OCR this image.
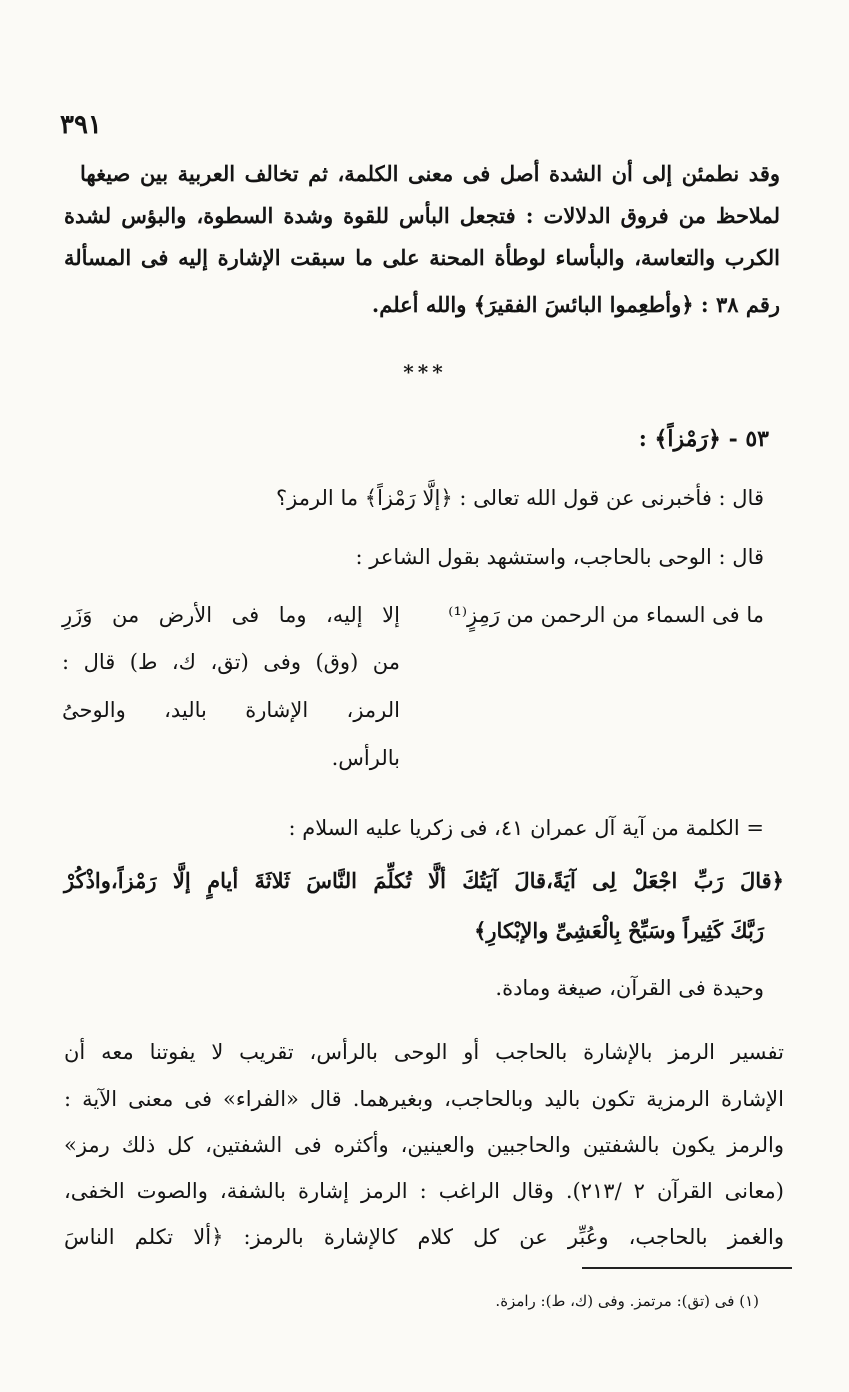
٣٩١
وقد نطمئن إلى أن الشدة أصل فى معنى الكلمة، ثم تخالف العربية بين صيغها
لملاحظ من فروق الدلالات : فتجعل البأس للقوة وشدة السطوة، والبؤس لشدة
الكرب والتعاسة، والبأساء لوطأة المحنة على ما سبقت الإشارة إليه فى المسألة
رقم ٣٨ : ﴿وأطعِموا البائسَ الفقيرَ﴾ والله أعلم.
***
٥٣ - ﴿رَمْزاً﴾ :
قال : فأخبرنى عن قول الله تعالى : ﴿إلَّا رَمْزاً﴾ ما الرمز؟
قال : الوحى بالحاجب، واستشهد بقول الشاعر :
ما فى السماء من الرحمن من رَمِزٍ⁽¹⁾
إلا إليه، وما فى الأرض من وَزَرِ
من (وق) وفى (تق، ك، ط) قال :
الرمز، الإشارة باليد، والوحىُ
بالرأس.
= الكلمة من آية آل عمران ٤١، فى زكريا عليه السلام :
﴿قالَ رَبِّ اجْعَلْ لِى آيَةً،قالَ آيَتُكَ ألَّا تُكلِّمَ النَّاسَ ثَلاثَةَ أيامٍ إلَّا رَمْزاً،واذْكُرْ
رَبَّكَ كَثِيراً وسَبِّحْ بِالْعَشِىِّ والإبْكارِ﴾
وحيدة فى القرآن، صيغة ومادة.
تفسير الرمز بالإشارة بالحاجب أو الوحى بالرأس، تقريب لا يفوتنا معه أن
الإشارة الرمزية تكون باليد وبالحاجب، وبغيرهما. قال «الفراء» فى معنى الآية :
والرمز يكون بالشفتين والحاجبين والعينين، وأكثره فى الشفتين، كل ذلك رمز»
(معانى القرآن ٢ /٢١٣). وقال الراغب : الرمز إشارة بالشفة، والصوت الخفى،
والغمز بالحاجب، وعُبِّر عن كل كلام كالإشارة بالرمز: ﴿ألا تكلم الناسَ
(١) فى (تق): مرتمز. وفى (ك، ط): رامزة.
